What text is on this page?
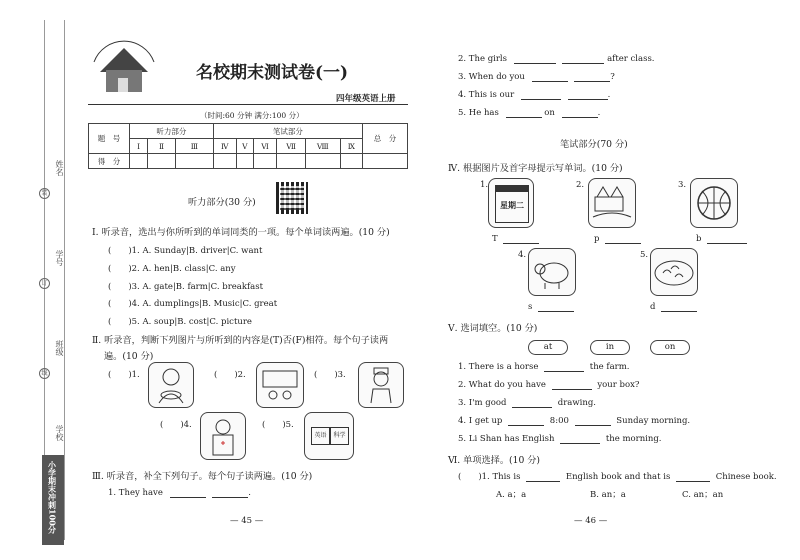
姓名
学号
班级
学校
装
订
线
小学期末冲刺100分
名校期末测试卷(一)
四年级英语上册
（时间:60 分钟 满分:100 分）
题　号	听力部分			笔试部分						总　分
	Ⅰ	Ⅱ	Ⅲ	Ⅳ	Ⅴ	Ⅵ	Ⅶ	Ⅷ	Ⅸ	
得　分										
听力部分(30 分)
Ⅰ. 听录音，选出与你所听到的单词同类的一项。每个单词读两遍。(10 分)
(　　)1. A. Sunday|B. driver|C. want
(　　)2. A. hen|B. class|C. any
(　　)3. A. gate|B. farm|C. breakfast
(　　)4. A. dumplings|B. Music|C. great
(　　)5. A. soup|B. cost|C. picture
Ⅱ. 听录音，判断下列图片与所听到的内容是(T)否(F)相符。每个句子读两
遍。(10 分)
(　　)1.	(　　)2.	(　　)3.
(　　)4.	(　　)5.
英语	科学
Ⅲ. 听录音，补全下列句子。每个句子读两遍。(10 分)
1. They have	.
— 45 —
2. The girls	after class.
3. When do you	?
4. This is our	.
5. He has	on	.
笔试部分(70 分)
Ⅳ. 根据图片及首字母提示写单词。(10 分)
1.
星期二
2.	3.
T	p	b
4.	5.
s	d
Ⅴ. 选词填空。(10 分)
at	in	on
1. There is a horse	the farm.
2. What do you have	your box?
3. I'm good	drawing.
4. I get up	8:00	Sunday morning.
5. Li Shan has English	the morning.
Ⅵ. 单项选择。(10 分)
(　　)1. This is	English book and that is	Chinese book.
A. a；a	B. an；a	C. an；an
— 46 —
